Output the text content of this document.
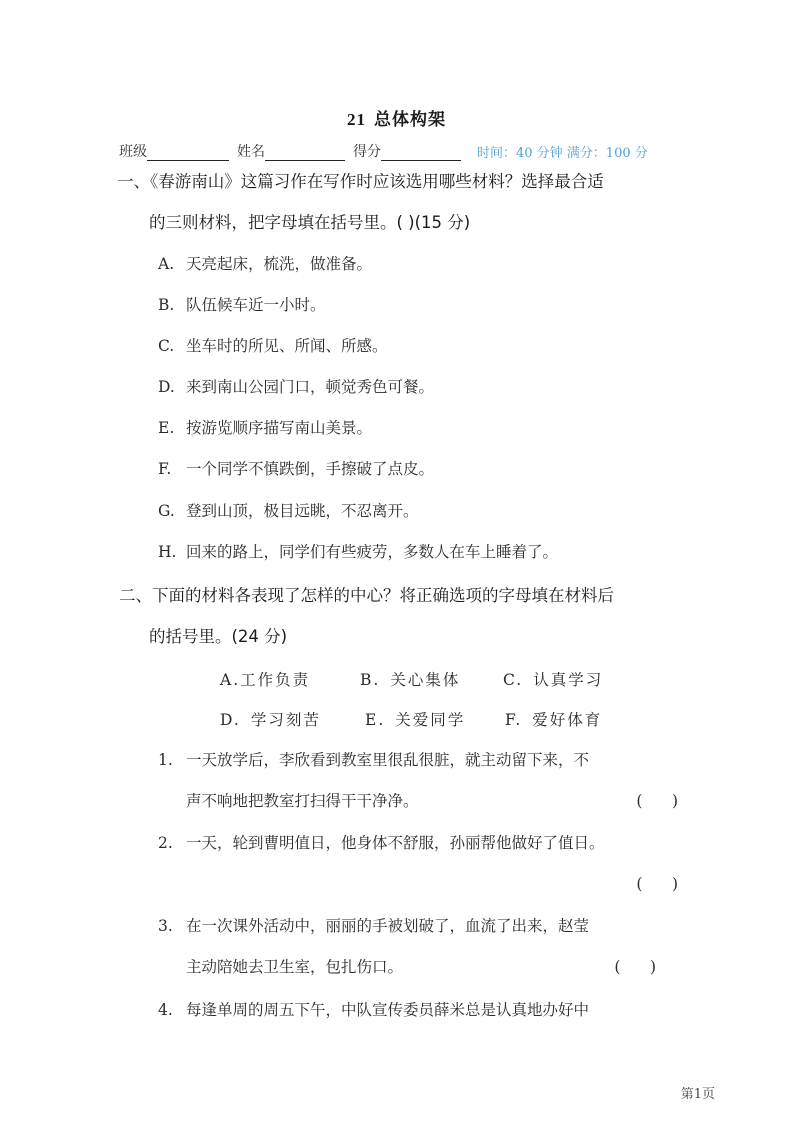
21 总体构架
班级	姓名	得分	时间：40 分钟 满分：100 分
一、《春游南山》这篇习作在写作时应该选用哪些材料？选择最合适
的三则材料，把字母填在括号里。( )(15 分)
A. 天亮起床，梳洗，做准备。
B. 队伍候车近一小时。
C. 坐车时的所见、所闻、所感。
D. 来到南山公园门口，顿觉秀色可餐。
E. 按游览顺序描写南山美景。
F. 一个同学不慎跌倒，手擦破了点皮。
G. 登到山顶，极目远眺，不忍离开。
H. 回来的路上，同学们有些疲劳，多数人在车上睡着了。
二、下面的材料各表现了怎样的中心？将正确选项的字母填在材料后
的括号里。(24 分)
A.工作负责	B. 关心集体	C. 认真学习
D. 学习刻苦	E. 关爱同学	F. 爱好体育
1. 一天放学后，李欣看到教室里很乱很脏，就主动留下来，不
声不响地把教室打扫得干干净净。	(      )
2. 一天，轮到曹明值日，他身体不舒服，孙丽帮他做好了值日。
(      )
3. 在一次课外活动中，丽丽的手被划破了，血流了出来，赵莹
主动陪她去卫生室，包扎伤口。	(      )
4. 每逢单周的周五下午，中队宣传委员薛米总是认真地办好中
第1页
